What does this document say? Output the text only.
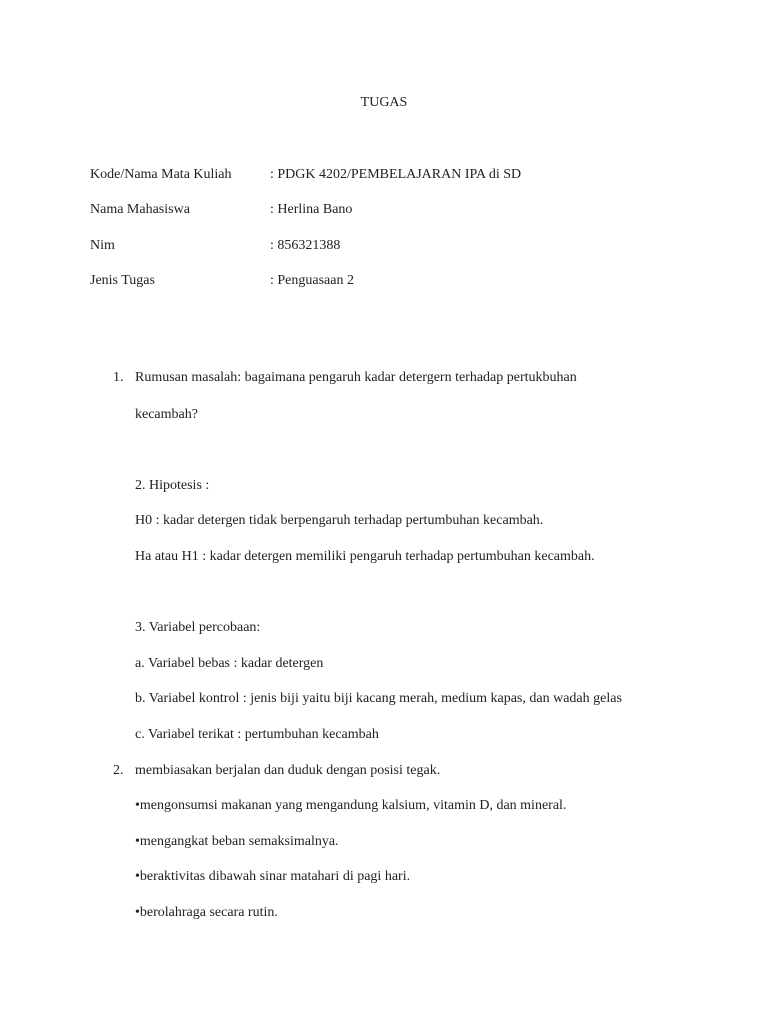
TUGAS
Kode/Nama Mata Kuliah	: PDGK 4202/PEMBELAJARAN IPA di SD
Nama Mahasiswa	: Herlina Bano
Nim	: 856321388
Jenis Tugas	: Penguasaan 2
1. Rumusan masalah: bagaimana pengaruh kadar detergern terhadap pertukbuhan
kecambah?
2. Hipotesis :
H0 : kadar detergen tidak berpengaruh terhadap pertumbuhan kecambah.
Ha atau H1 : kadar detergen memiliki pengaruh terhadap pertumbuhan kecambah.
3. Variabel percobaan:
a. Variabel bebas : kadar detergen
b. Variabel kontrol : jenis biji yaitu biji kacang merah, medium kapas, dan wadah gelas
c. Variabel terikat : pertumbuhan kecambah
2. membiasakan berjalan dan duduk dengan posisi tegak.
•mengonsumsi makanan yang mengandung kalsium, vitamin D, dan mineral.
•mengangkat beban semaksimalnya.
•beraktivitas dibawah sinar matahari di pagi hari.
•berolahraga secara rutin.
